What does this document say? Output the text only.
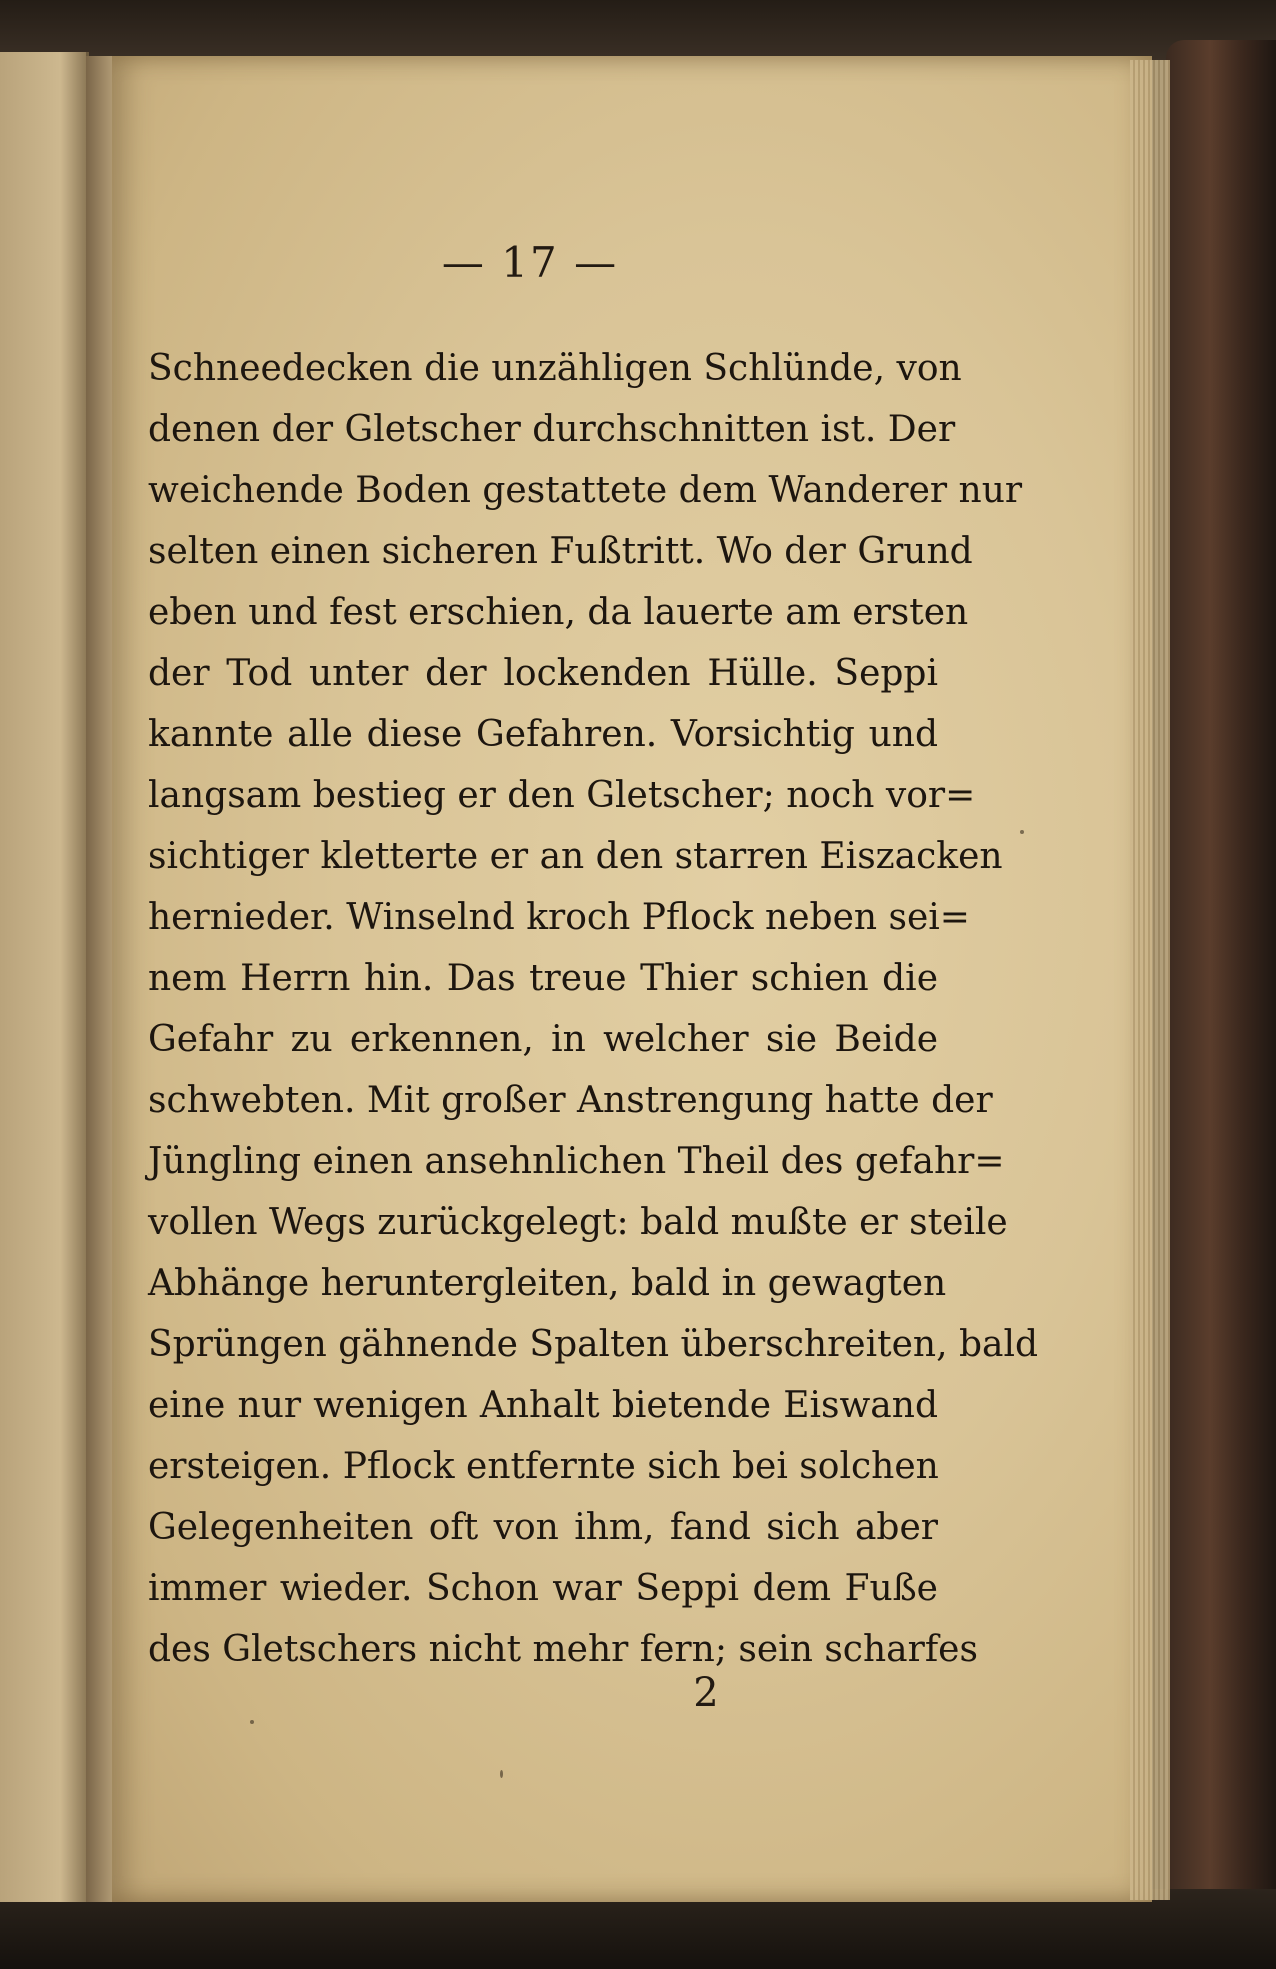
— 17 —
Schneedecken die unzähligen Schlünde, von
denen der Gletscher durchschnitten ist. Der
weichende Boden gestattete dem Wanderer nur
selten einen sicheren Fußtritt. Wo der Grund
eben und fest erschien, da lauerte am ersten
der Tod unter der lockenden Hülle. Seppi
kannte alle diese Gefahren. Vorsichtig und
langsam bestieg er den Gletscher; noch vor=
sichtiger kletterte er an den starren Eiszacken
hernieder. Winselnd kroch Pflock neben sei=
nem Herrn hin. Das treue Thier schien die
Gefahr zu erkennen, in welcher sie Beide
schwebten. Mit großer Anstrengung hatte der
Jüngling einen ansehnlichen Theil des gefahr=
vollen Wegs zurückgelegt: bald mußte er steile
Abhänge heruntergleiten, bald in gewagten
Sprüngen gähnende Spalten überschreiten, bald
eine nur wenigen Anhalt bietende Eiswand
ersteigen. Pflock entfernte sich bei solchen
Gelegenheiten oft von ihm, fand sich aber
immer wieder. Schon war Seppi dem Fuße
des Gletschers nicht mehr fern; sein scharfes
2
